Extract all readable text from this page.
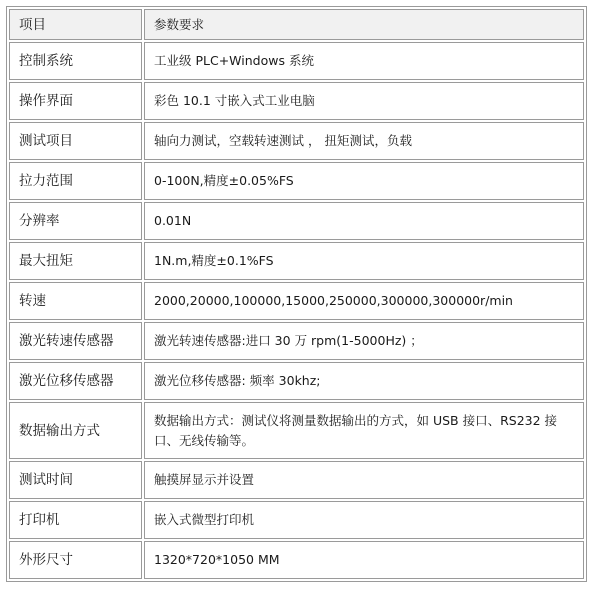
项目	参数要求
控制系统	工业级 PLC+Windows 系统
操作界面	彩色 10.1 寸嵌入式工业电脑
测试项目	轴向力测试，空载转速测试 ， 扭矩测试，负载
拉力范围	0-100N,精度±0.05%FS
分辨率	0.01N
最大扭矩	1N.m,精度±0.1%FS
转速	2000,20000,100000,15000,250000,300000,300000r/min
激光转速传感器	激光转速传感器:进口 30 万 rpm(1-5000Hz) ；
激光位移传感器	激光位移传感器: 频率 30khz;
数据输出方式	数据输出方式：测试仪将测量数据输出的方式，如 USB 接口、RS232 接口、无线传输等。
测试时间	触摸屏显示并设置
打印机	嵌入式微型打印机
外形尺寸	1320*720*1050 MM
